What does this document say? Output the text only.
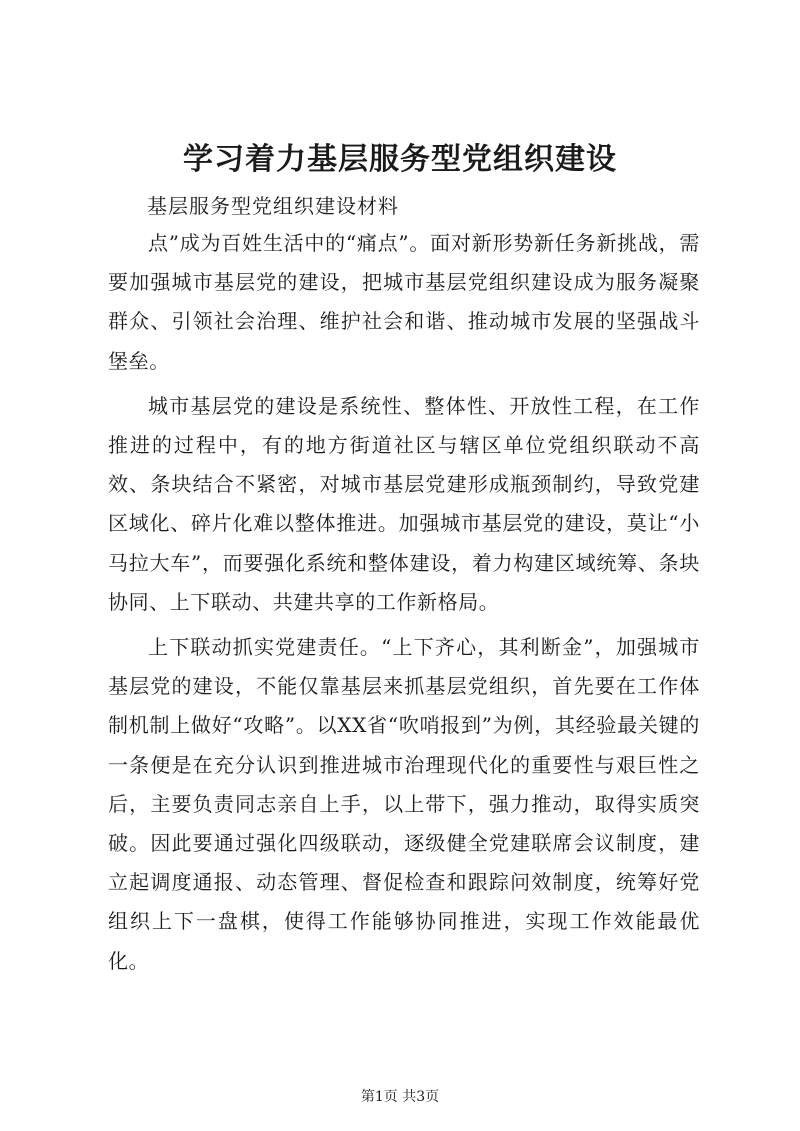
学习着力基层服务型党组织建设
基层服务型党组织建设材料

点”成为百姓生活中的“痛点”。面对新形势新任务新挑战，需要加强城市基层党的建设，把城市基层党组织建设成为服务凝聚群众、引领社会治理、维护社会和谐、推动城市发展的坚强战斗堡垒。

城市基层党的建设是系统性、整体性、开放性工程，在工作推进的过程中，有的地方街道社区与辖区单位党组织联动不高效、条块结合不紧密，对城市基层党建形成瓶颈制约，导致党建区域化、碎片化难以整体推进。加强城市基层党的建设，莫让“小马拉大车”，而要强化系统和整体建设，着力构建区域统筹、条块协同、上下联动、共建共享的工作新格局。

上下联动抓实党建责任。“上下齐心，其利断金”，加强城市基层党的建设，不能仅靠基层来抓基层党组织，首先要在工作体制机制上做好“攻略”。以XX省“吹哨报到”为例，其经验最关键的一条便是在充分认识到推进城市治理现代化的重要性与艰巨性之后，主要负责同志亲自上手，以上带下，强力推动，取得实质突破。因此要通过强化四级联动，逐级健全党建联席会议制度，建立起调度通报、动态管理、督促检查和跟踪问效制度，统筹好党组织上下一盘棋，使得工作能够协同推进，实现工作效能最优化。

第1页 共3页
